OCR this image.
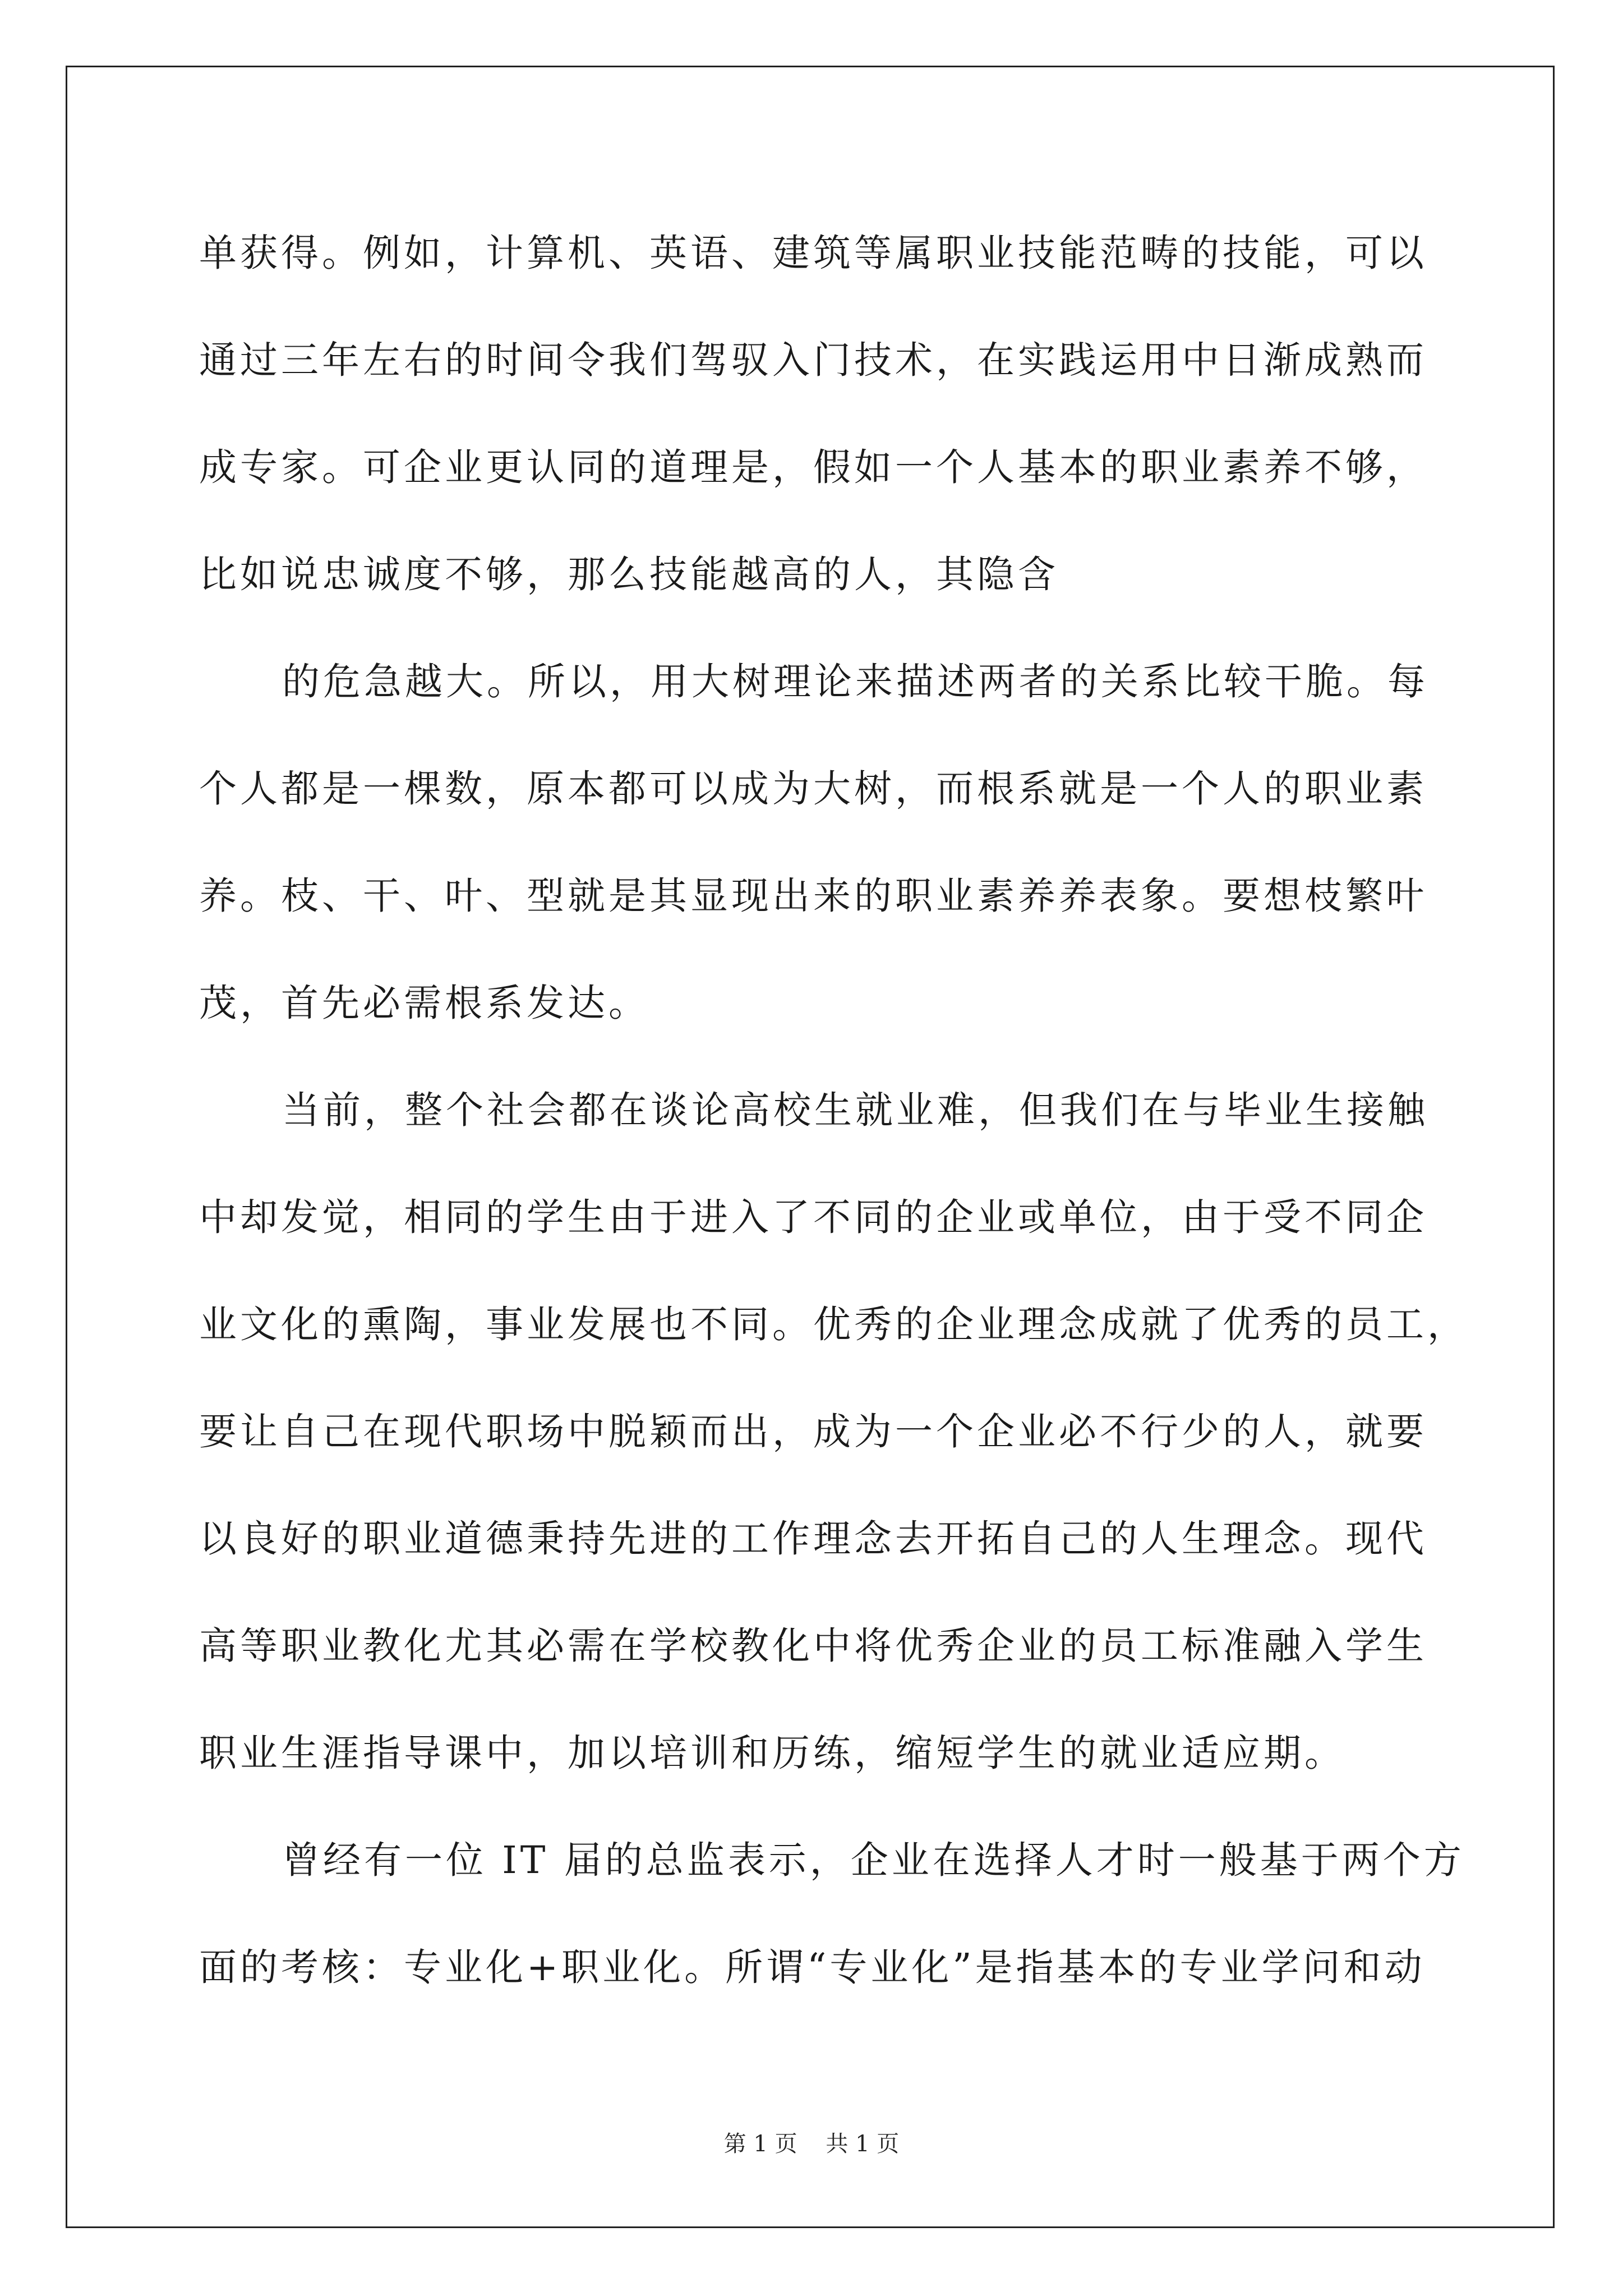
单获得。例如，计算机、英语、建筑等属职业技能范畴的技能，可以
通过三年左右的时间令我们驾驭入门技术，在实践运用中日渐成熟而
成专家。可企业更认同的道理是，假如一个人基本的职业素养不够，
比如说忠诚度不够，那么技能越高的人，其隐含
的危急越大。所以，用大树理论来描述两者的关系比较干脆。每
个人都是一棵数，原本都可以成为大树，而根系就是一个人的职业素
养。枝、干、叶、型就是其显现出来的职业素养养表象。要想枝繁叶
茂，首先必需根系发达。
当前，整个社会都在谈论高校生就业难，但我们在与毕业生接触
中却发觉，相同的学生由于进入了不同的企业或单位，由于受不同企
业文化的熏陶，事业发展也不同。优秀的企业理念成就了优秀的员工，
要让自己在现代职场中脱颖而出，成为一个企业必不行少的人，就要
以良好的职业道德秉持先进的工作理念去开拓自己的人生理念。现代
高等职业教化尤其必需在学校教化中将优秀企业的员工标准融入学生
职业生涯指导课中，加以培训和历练，缩短学生的就业适应期。
曾经有一位 IT 届的总监表示，企业在选择人才时一般基于两个方
面的考核：专业化+职业化。所谓“专业化”是指基本的专业学问和动
第 1 页    共 1 页
